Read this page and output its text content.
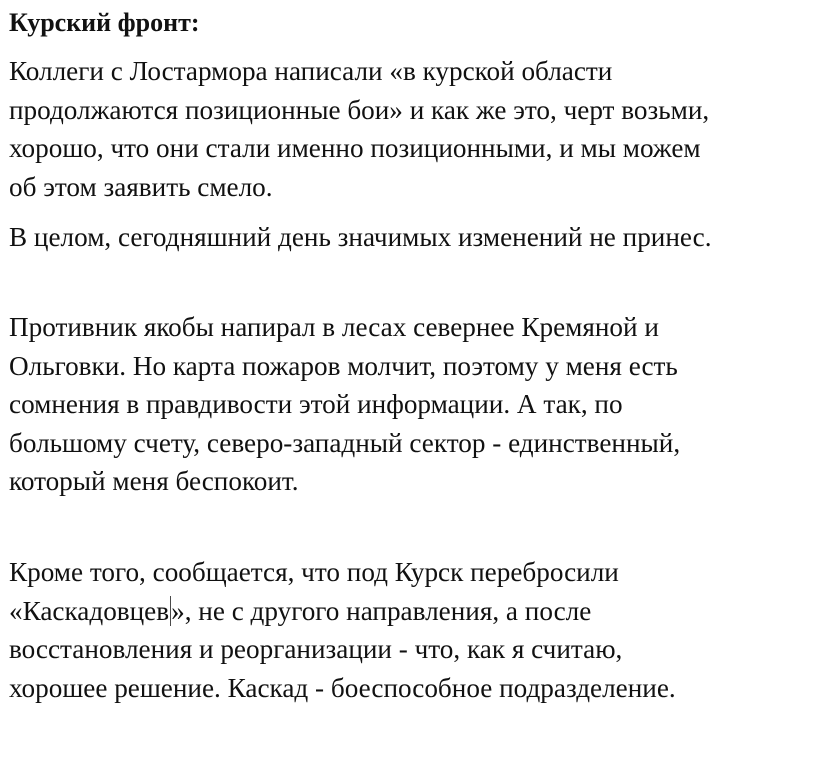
Курский фронт:

Коллеги с Лостармора написали «в курской области
продолжаются позиционные бои» и как же это, черт возьми,
хорошо, что они стали именно позиционными, и мы можем
об этом заявить смело.

В целом, сегодняшний день значимых изменений не принес.

Противник якобы напирал в лесах севернее Кремяной и
Ольговки. Но карта пожаров молчит, поэтому у меня есть
сомнения в правдивости этой информации. А так, по
большому счету, северо-западный сектор - единственный,
который меня беспокоит.

Кроме того, сообщается, что под Курск перебросили
«Каскадовцев», не с другого направления, а после
восстановления и реорганизации - что, как я считаю,
хорошее решение. Каскад - боеспособное подразделение.
